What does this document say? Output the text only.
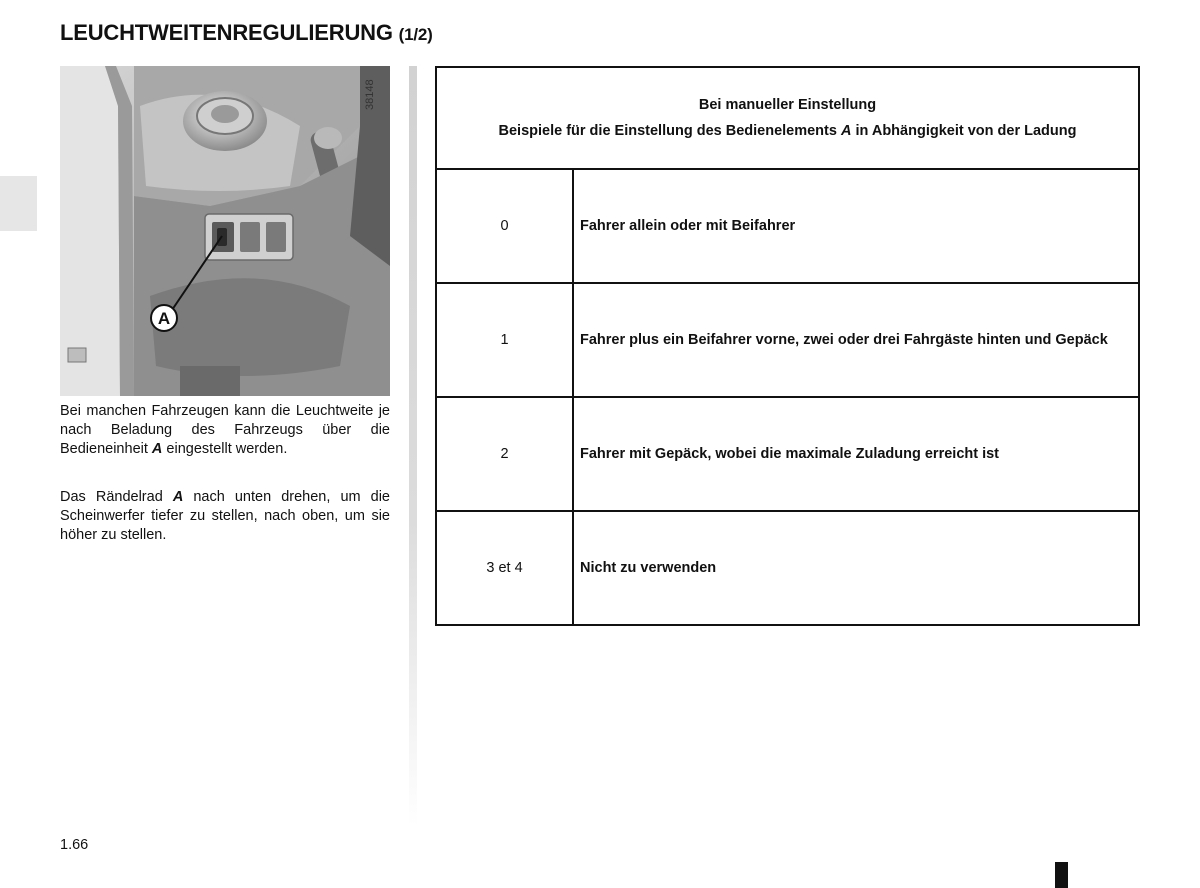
LEUCHTWEITENREGULIERUNG (1/2)
A
38148

Bei manchen Fahrzeugen kann die Leuchtweite je nach Beladung des Fahrzeugs über die Bedieneinheit A eingestellt werden.

Das Rändelrad A nach unten drehen, um die Scheinwerfer tiefer zu stellen, nach oben, um sie höher zu stellen.

Bei manueller Einstellung
Beispiele für die Einstellung des Bedienelements A in Abhängigkeit von der Ladung
0	Fahrer allein oder mit Beifahrer
1	Fahrer plus ein Beifahrer vorne, zwei oder drei Fahrgäste hinten und Gepäck
2	Fahrer mit Gepäck, wobei die maximale Zuladung erreicht ist
3 et 4	Nicht zu verwenden
1.66
